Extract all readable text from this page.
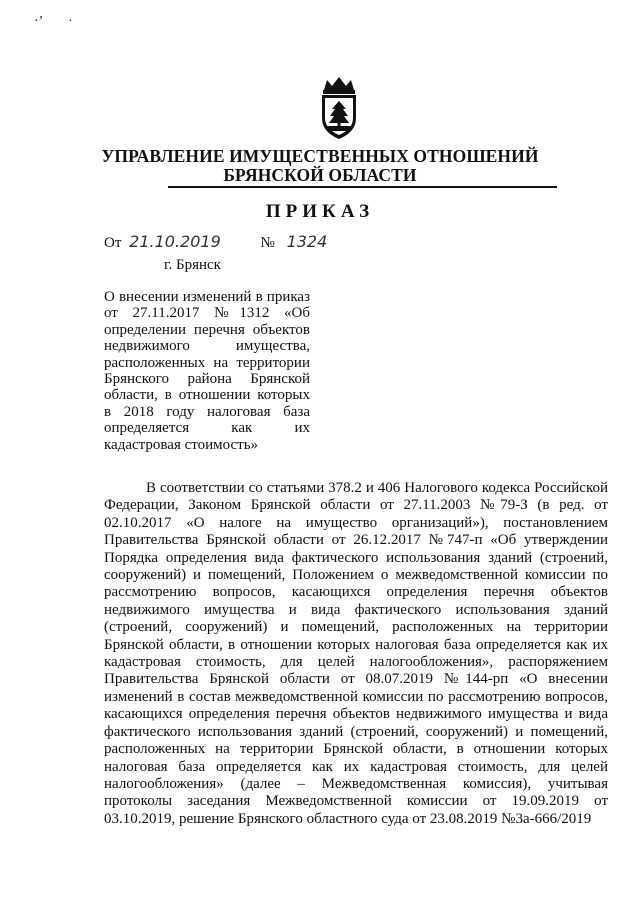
·’ ·
УПРАВЛЕНИЕ ИМУЩЕСТВЕННЫХ ОТНОШЕНИЙ
БРЯНСКОЙ ОБЛАСТИ
ПРИКАЗ
От 21.10.2019	№ 1324
г. Брянск
О внесении изменений в приказ от 27.11.2017 №1312 «Об определении перечня объектов недвижимого имущества, расположенных на территории Брянского района Брянской области, в отношении которых в 2018 году налоговая база определяется как их кадастровая стоимость»
В соответствии со статьями 378.2 и 406 Налогового кодекса Российской Федерации, Законом Брянской области от 27.11.2003 №79-З (в ред. от 02.10.2017 «О налоге на имущество организаций»), постановлением Правительства Брянской области от 26.12.2017 №747-п «Об утверждении Порядка определения вида фактического использования зданий (строений, сооружений) и помещений, Положением о межведомственной комиссии по рассмотрению вопросов, касающихся определения перечня объектов недвижимого имущества и вида фактического использования зданий (строений, сооружений) и помещений, расположенных на территории Брянской области, в отношении которых налоговая база определяется как их кадастровая стоимость, для целей налогообложения», распоряжением Правительства Брянской области от 08.07.2019 №144-рп «О внесении изменений в состав межведомственной комиссии по рассмотрению вопросов, касающихся определения перечня объектов недвижимого имущества и вида фактического использования зданий (строений, сооружений) и помещений, расположенных на территории Брянской области, в отношении которых налоговая база определяется как их кадастровая стоимость, для целей налогообложения» (далее – Межведомственная комиссия), учитывая протоколы заседания Межведомственной комиссии от 19.09.2019 от 03.10.2019, решение Брянского областного суда от 23.08.2019 №3а-666/2019
